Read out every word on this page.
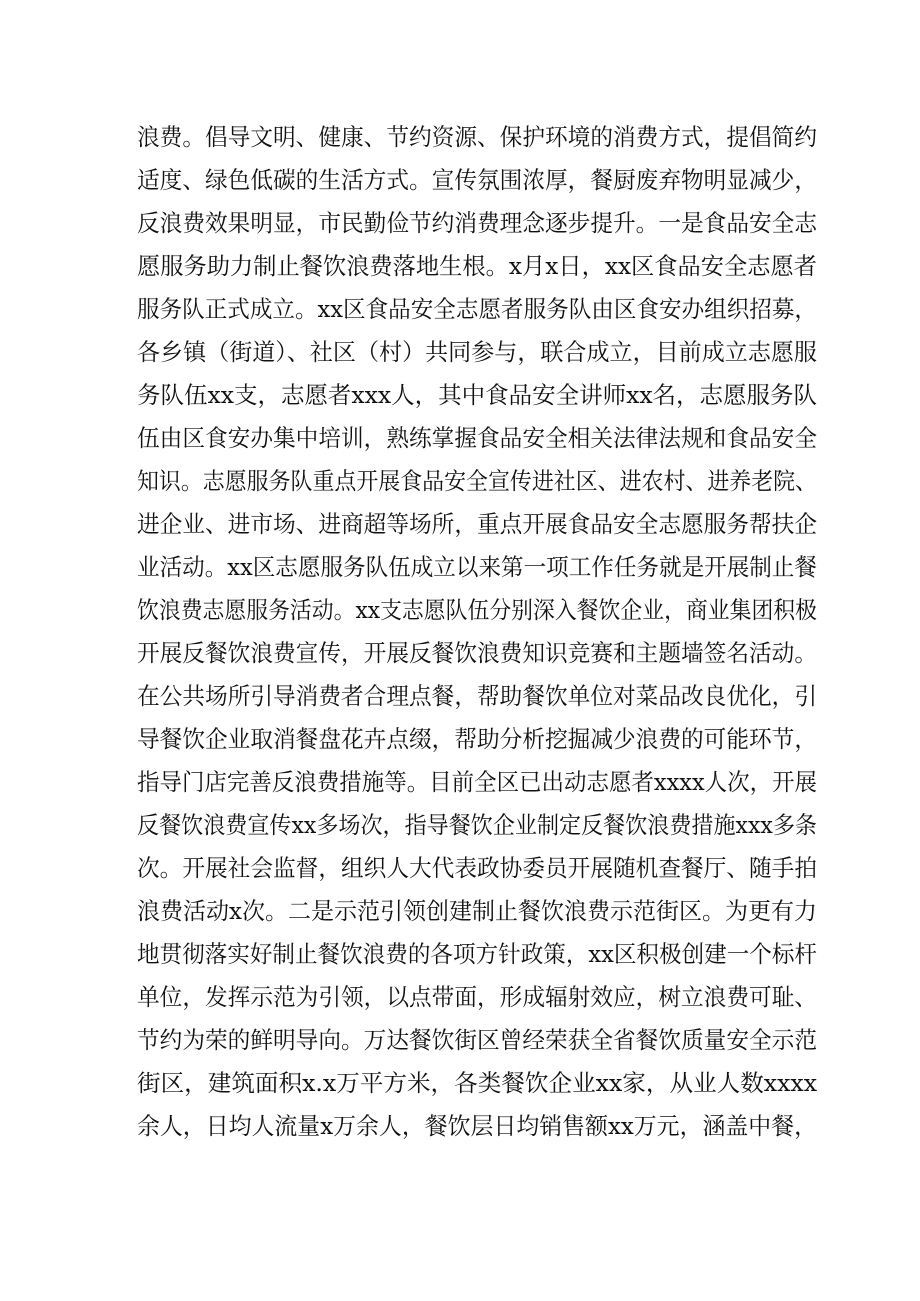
浪费。倡导文明、健康、节约资源、保护环境的消费方式，提倡简约
适度、绿色低碳的生活方式。宣传氛围浓厚，餐厨废弃物明显减少，
反浪费效果明显，市民勤俭节约消费理念逐步提升。一是食品安全志
愿服务助力制止餐饮浪费落地生根。x月x日，xx区食品安全志愿者
服务队正式成立。xx区食品安全志愿者服务队由区食安办组织招募，
各乡镇（街道）、社区（村）共同参与，联合成立，目前成立志愿服
务队伍xx支，志愿者xxx人，其中食品安全讲师xx名，志愿服务队
伍由区食安办集中培训，熟练掌握食品安全相关法律法规和食品安全
知识。志愿服务队重点开展食品安全宣传进社区、进农村、进养老院、
进企业、进市场、进商超等场所，重点开展食品安全志愿服务帮扶企
业活动。xx区志愿服务队伍成立以来第一项工作任务就是开展制止餐
饮浪费志愿服务活动。xx支志愿队伍分别深入餐饮企业，商业集团积极
开展反餐饮浪费宣传，开展反餐饮浪费知识竞赛和主题墙签名活动。
在公共场所引导消费者合理点餐，帮助餐饮单位对菜品改良优化，引
导餐饮企业取消餐盘花卉点缀，帮助分析挖掘减少浪费的可能环节，
指导门店完善反浪费措施等。目前全区已出动志愿者xxxx人次，开展
反餐饮浪费宣传xx多场次，指导餐饮企业制定反餐饮浪费措施xxx多条
次。开展社会监督，组织人大代表政协委员开展随机查餐厅、随手拍
浪费活动x次。二是示范引领创建制止餐饮浪费示范街区。为更有力
地贯彻落实好制止餐饮浪费的各项方针政策，xx区积极创建一个标杆
单位，发挥示范为引领，以点带面，形成辐射效应，树立浪费可耻、
节约为荣的鲜明导向。万达餐饮街区曾经荣获全省餐饮质量安全示范
街区，建筑面积x.x万平方米，各类餐饮企业xx家，从业人数xxxx
余人，日均人流量x万余人，餐饮层日均销售额xx万元，涵盖中餐，
